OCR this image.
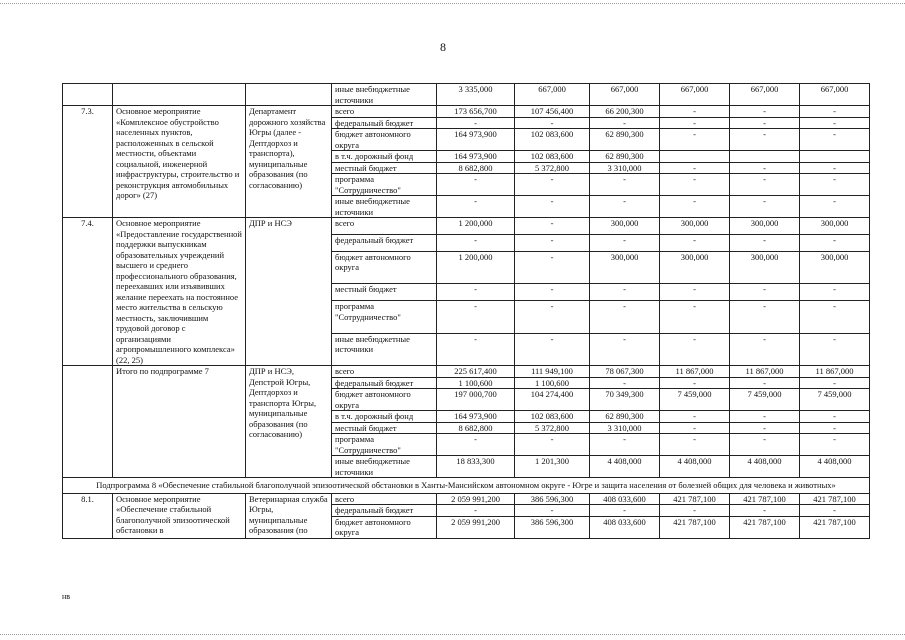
8
			иные внебюджетные источники	3 335,000	667,000	667,000	667,000	667,000	667,000
7.3.	Основное мероприятие «Комплексное обустройство населенных пунктов, расположенных в сельской местности, объектами социальной, инженерной инфраструктуры, строительство и реконструкция автомобильных дорог» (27)	Департамент дорожного хозяйства Югры (далее - Дептдорхоз и транспорта), муниципальные образования (по согласованию)	всего	173 656,700	107 456,400	66 200,300	-	-	-
			федеральный бюджет	-	-	-	-	-	-
			бюджет автономного округа	164 973,900	102 083,600	62 890,300	-	-	-
			в т.ч. дорожный фонд	164 973,900	102 083,600	62 890,300			
			местный бюджет	8 682,800	5 372,800	3 310,000	-	-	-
			программа "Сотрудничество"	-	-	-	-	-	-
			иные внебюджетные источники	-	-	-	-	-	-
7.4.	Основное мероприятие «Предоставление государственной поддержки выпускникам образовательных учреждений высшего и среднего профессионального образования, переехавших или изъявивших желание переехать на постоянное место жительства в сельскую местность, заключившим трудовой договор с организациями агропромышленного комплекса» (22, 25)	ДПР и НСЭ	всего	1 200,000	-	300,000	300,000	300,000	300,000
			федеральный бюджет	-	-	-	-	-	-
			бюджет автономного округа	1 200,000	-	300,000	300,000	300,000	300,000
			местный бюджет	-	-	-	-	-	-
			программа "Сотрудничество"	-	-	-	-	-	-
			иные внебюджетные источники	-	-	-	-	-	-
	Итого по подпрограмме 7	ДПР и НСЭ, Депстрой Югры, Дептдорхоз и транспорта Югры, муниципальные образования (по согласованию)	всего	225 617,400	111 949,100	78 067,300	11 867,000	11 867,000	11 867,000
			федеральный бюджет	1 100,600	1 100,600	-	-	-	-
			бюджет автономного округа	197 000,700	104 274,400	70 349,300	7 459,000	7 459,000	7 459,000
			в т.ч. дорожный фонд	164 973,900	102 083,600	62 890,300	-	-	-
			местный бюджет	8 682,800	5 372,800	3 310,000	-	-	-
			программа "Сотрудничество"	-	-	-	-	-	-
			иные внебюджетные источники	18 833,300	1 201,300	4 408,000	4 408,000	4 408,000	4 408,000
Подпрограмма 8 «Обеспечение стабильной благополучной эпизоотической обстановки в Ханты-Мансийском автономном округе - Югре и защита населения от болезней общих для человека и животных»									
8.1.	Основное мероприятие «Обеспечение стабильной благополучной эпизоотической обстановки в	Ветеринарная служба Югры, муниципальные образования (по	всего	2 059 991,200	386 596,300	408 033,600	421 787,100	421 787,100	421 787,100
			федеральный бюджет	-	-	-	-	-	-
			бюджет автономного округа	2 059 991,200	386 596,300	408 033,600	421 787,100	421 787,100	421 787,100
нв
